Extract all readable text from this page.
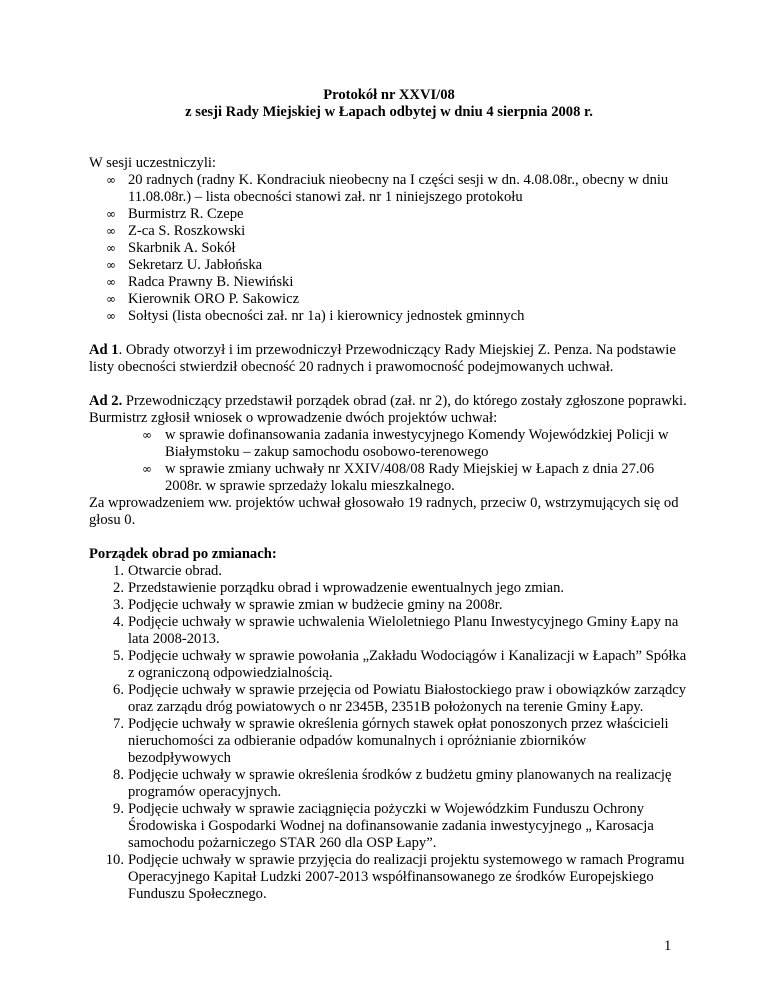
Protokół nr XXVI/08
z sesji Rady Miejskiej w Łapach odbytej w dniu 4 sierpnia 2008 r.

W sesji uczestniczyli:

∞ 20 radnych (radny K. Kondraciuk nieobecny na I części sesji w dn. 4.08.08r., obecny w dniu 11.08.08r.) – lista obecności stanowi zał. nr 1 niniejszego protokołu
∞ Burmistrz R. Czepe
∞ Z-ca S. Roszkowski
∞ Skarbnik A. Sokół
∞ Sekretarz U. Jabłońska
∞ Radca Prawny B. Niewiński
∞ Kierownik ORO P. Sakowicz
∞ Sołtysi (lista obecności zał. nr 1a) i kierownicy jednostek gminnych

Ad 1. Obrady otworzył i im przewodniczył Przewodniczący Rady Miejskiej Z. Penza. Na podstawie listy obecności stwierdził obecność 20 radnych i prawomocność podejmowanych uchwał.

Ad 2. Przewodniczący przedstawił porządek obrad (zał. nr 2), do którego zostały zgłoszone poprawki. Burmistrz zgłosił wniosek o wprowadzenie dwóch projektów uchwał:

∞ w sprawie dofinansowania zadania inwestycyjnego Komendy Wojewódzkiej Policji w Białymstoku – zakup samochodu osobowo-terenowego
∞ w sprawie zmiany uchwały nr XXIV/408/08 Rady Miejskiej w Łapach z dnia 27.06 2008r. w sprawie sprzedaży lokalu mieszkalnego.

Za wprowadzeniem ww. projektów uchwał głosowało 19 radnych, przeciw 0, wstrzymujących się od głosu 0.

Porządek obrad po zmianach:

1. Otwarcie obrad.
2. Przedstawienie porządku obrad i wprowadzenie ewentualnych jego zmian.
3. Podjęcie uchwały w sprawie zmian w budżecie gminy na 2008r.
4. Podjęcie uchwały w sprawie uchwalenia Wieloletniego Planu Inwestycyjnego Gminy Łapy na lata 2008-2013.
5. Podjęcie uchwały w sprawie powołania „Zakładu Wodociągów i Kanalizacji w Łapach” Spółka z ograniczoną odpowiedzialnością.
6. Podjęcie uchwały w sprawie przejęcia od Powiatu Białostockiego praw i obowiązków zarządcy oraz zarządu dróg powiatowych o nr 2345B, 2351B położonych na terenie Gminy Łapy.
7. Podjęcie uchwały w sprawie określenia górnych stawek opłat ponoszonych przez właścicieli nieruchomości za odbieranie odpadów komunalnych i opróżnianie zbiorników bezodpływowych
8. Podjęcie uchwały w sprawie określenia środków z budżetu gminy planowanych na realizację programów operacyjnych.
9. Podjęcie uchwały w sprawie zaciągnięcia pożyczki w Wojewódzkim Funduszu Ochrony Środowiska i Gospodarki Wodnej na dofinansowanie zadania inwestycyjnego „ Karosacja samochodu pożarniczego STAR 260 dla OSP Łapy”.
10. Podjęcie uchwały w sprawie przyjęcia do realizacji projektu systemowego w ramach Programu Operacyjnego Kapitał Ludzki 2007-2013 współfinansowanego ze środków Europejskiego Funduszu Społecznego.
1
